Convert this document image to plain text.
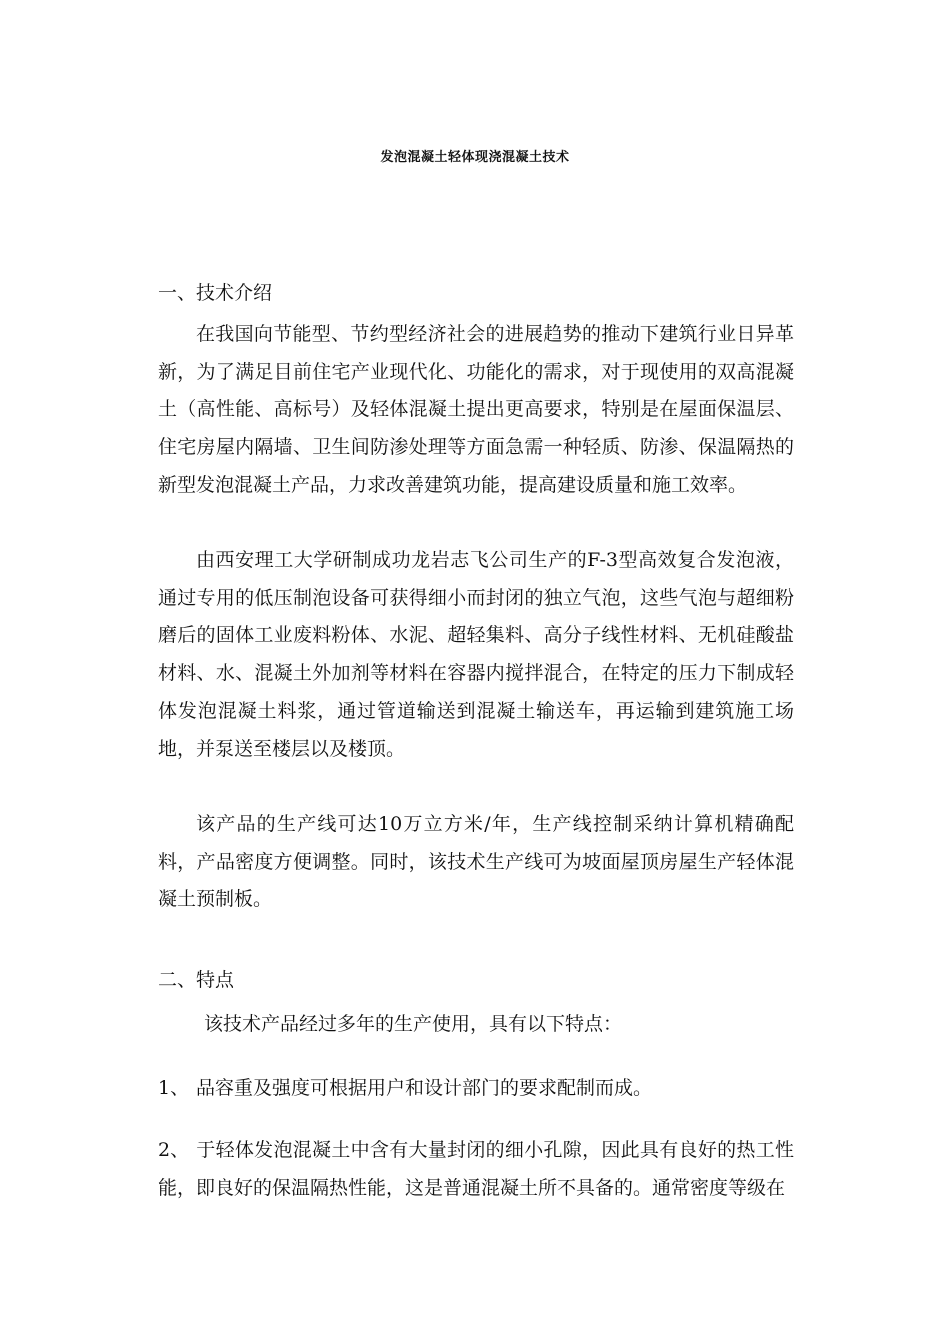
发泡混凝土轻体现浇混凝土技术
一、技术介绍
在我国向节能型、节约型经济社会的进展趋势的推动下建筑行业日异革新，为了满足目前住宅产业现代化、功能化的需求，对于现使用的双高混凝土（高性能、高标号）及轻体混凝土提出更高要求，特别是在屋面保温层、住宅房屋内隔墙、卫生间防渗处理等方面急需一种轻质、防渗、保温隔热的新型发泡混凝土产品，力求改善建筑功能，提高建设质量和施工效率。
由西安理工大学研制成功龙岩志飞公司生产的F-3型高效复合发泡液，通过专用的低压制泡设备可获得细小而封闭的独立气泡，这些气泡与超细粉磨后的固体工业废料粉体、水泥、超轻集料、高分子线性材料、无机硅酸盐材料、水、混凝土外加剂等材料在容器内搅拌混合，在特定的压力下制成轻体发泡混凝土料浆，通过管道输送到混凝土输送车，再运输到建筑施工场地，并泵送至楼层以及楼顶。
该产品的生产线可达10万立方米/年，生产线控制采纳计算机精确配料，产品密度方便调整。同时，该技术生产线可为坡面屋顶房屋生产轻体混凝土预制板。
二、特点
该技术产品经过多年的生产使用，具有以下特点：
1、 品容重及强度可根据用户和设计部门的要求配制而成。
2、 于轻体发泡混凝土中含有大量封闭的细小孔隙，因此具有良好的热工性能，即良好的保温隔热性能，这是普通混凝土所不具备的。通常密度等级在
